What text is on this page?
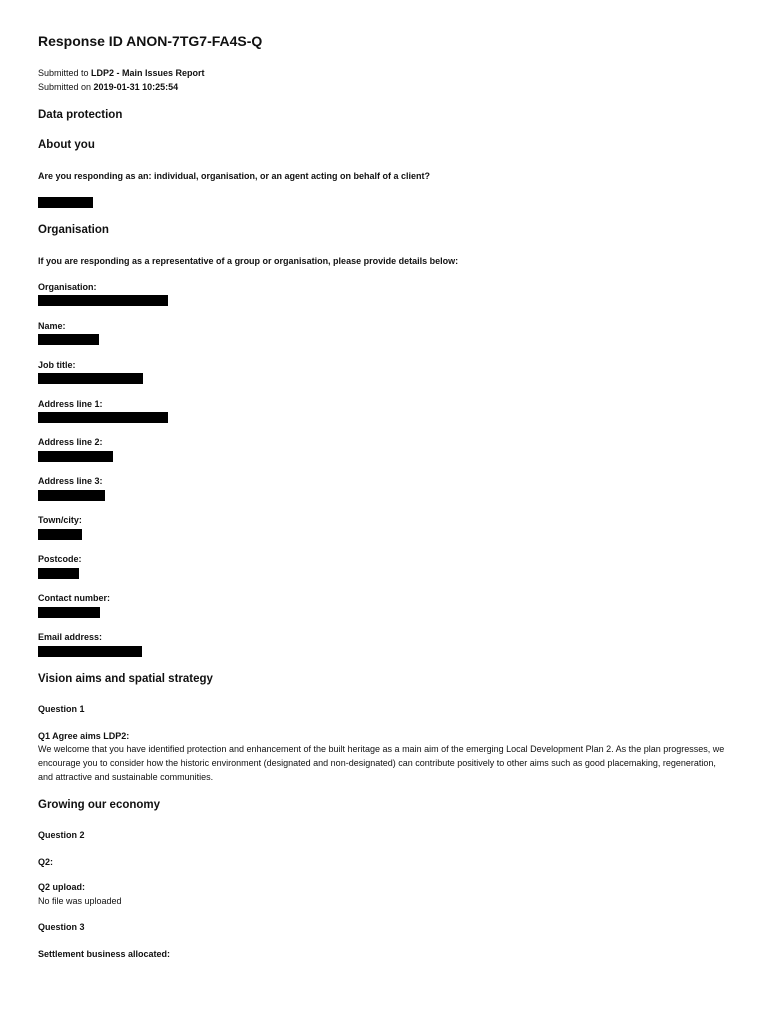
Response ID ANON-7TG7-FA4S-Q
Submitted to LDP2 - Main Issues Report
Submitted on 2019-01-31 10:25:54
Data protection
About you
Are you responding as an: individual, organisation, or an agent acting on behalf of a client?
Organisation
If you are responding as a representative of a group or organisation, please provide details below:
Organisation:
Name:
Job title:
Address line 1:
Address line 2:
Address line 3:
Town/city:
Postcode:
Contact number:
Email address:
Vision aims and spatial strategy
Question 1
Q1 Agree aims LDP2:
We welcome that you have identified protection and enhancement of the built heritage as a main aim of the emerging Local Development Plan 2. As the plan progresses, we encourage you to consider how the historic environment (designated and non-designated) can contribute positively to other aims such as good placemaking, regeneration, and attractive and sustainable communities.
Growing our economy
Question 2
Q2:
Q2 upload:
No file was uploaded
Question 3
Settlement business allocated:
